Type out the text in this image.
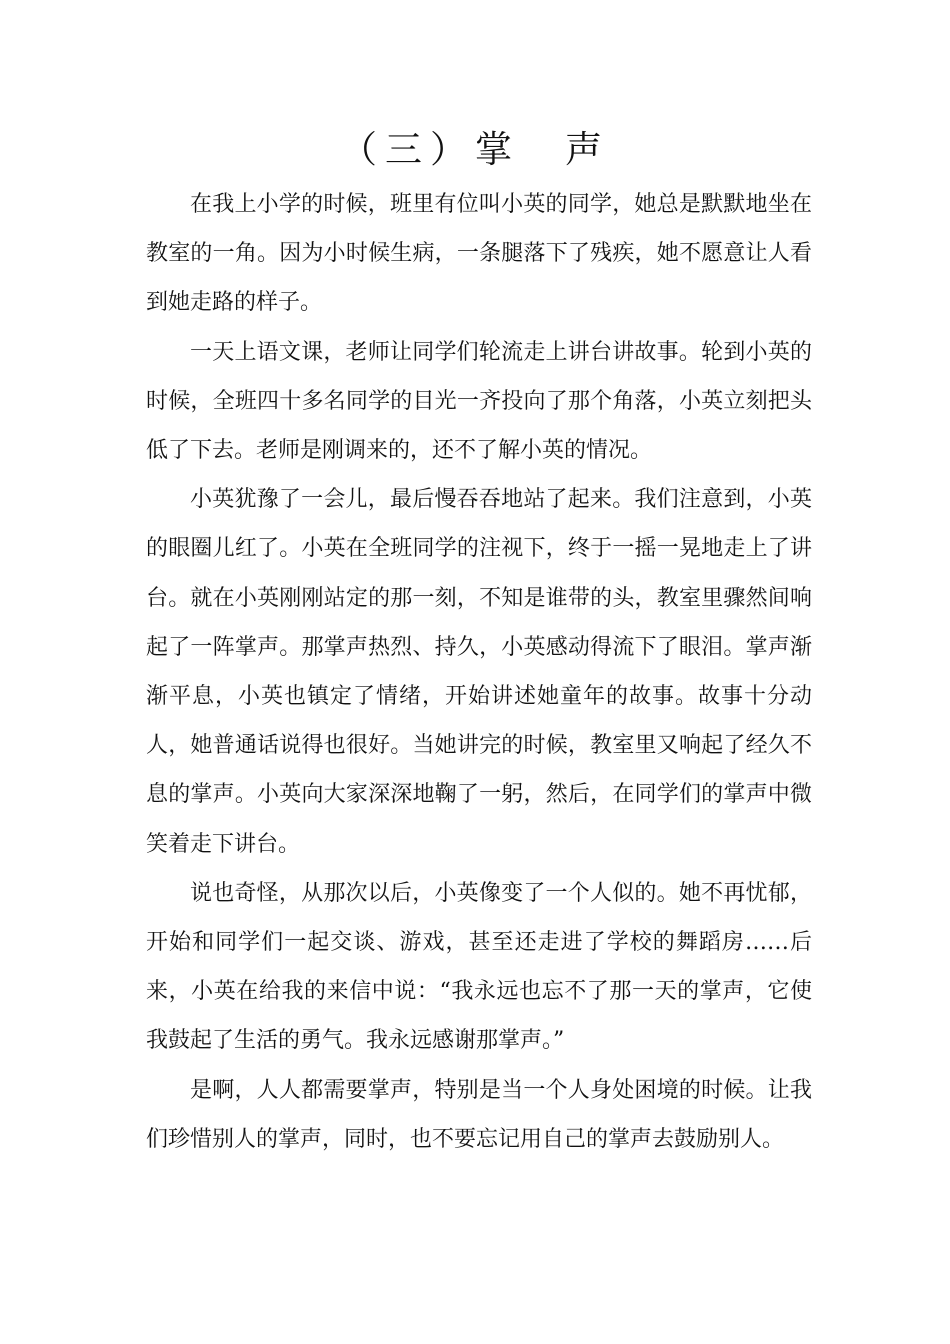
（三）掌　声

在我上小学的时候，班里有位叫小英的同学，她总是默默地坐在教室的一角。因为小时候生病，一条腿落下了残疾，她不愿意让人看到她走路的样子。

一天上语文课，老师让同学们轮流走上讲台讲故事。轮到小英的时候，全班四十多名同学的目光一齐投向了那个角落，小英立刻把头低了下去。老师是刚调来的，还不了解小英的情况。

小英犹豫了一会儿，最后慢吞吞地站了起来。我们注意到，小英的眼圈儿红了。小英在全班同学的注视下，终于一摇一晃地走上了讲台。就在小英刚刚站定的那一刻，不知是谁带的头，教室里骤然间响起了一阵掌声。那掌声热烈、持久，小英感动得流下了眼泪。掌声渐渐平息，小英也镇定了情绪，开始讲述她童年的故事。故事十分动人，她普通话说得也很好。当她讲完的时候，教室里又响起了经久不息的掌声。小英向大家深深地鞠了一躬，然后，在同学们的掌声中微笑着走下讲台。

说也奇怪，从那次以后，小英像变了一个人似的。她不再忧郁，开始和同学们一起交谈、游戏，甚至还走进了学校的舞蹈房……后来，小英在给我的来信中说：“我永远也忘不了那一天的掌声，它使我鼓起了生活的勇气。我永远感谢那掌声。”

是啊，人人都需要掌声，特别是当一个人身处困境的时候。让我们珍惜别人的掌声，同时，也不要忘记用自己的掌声去鼓励别人。
